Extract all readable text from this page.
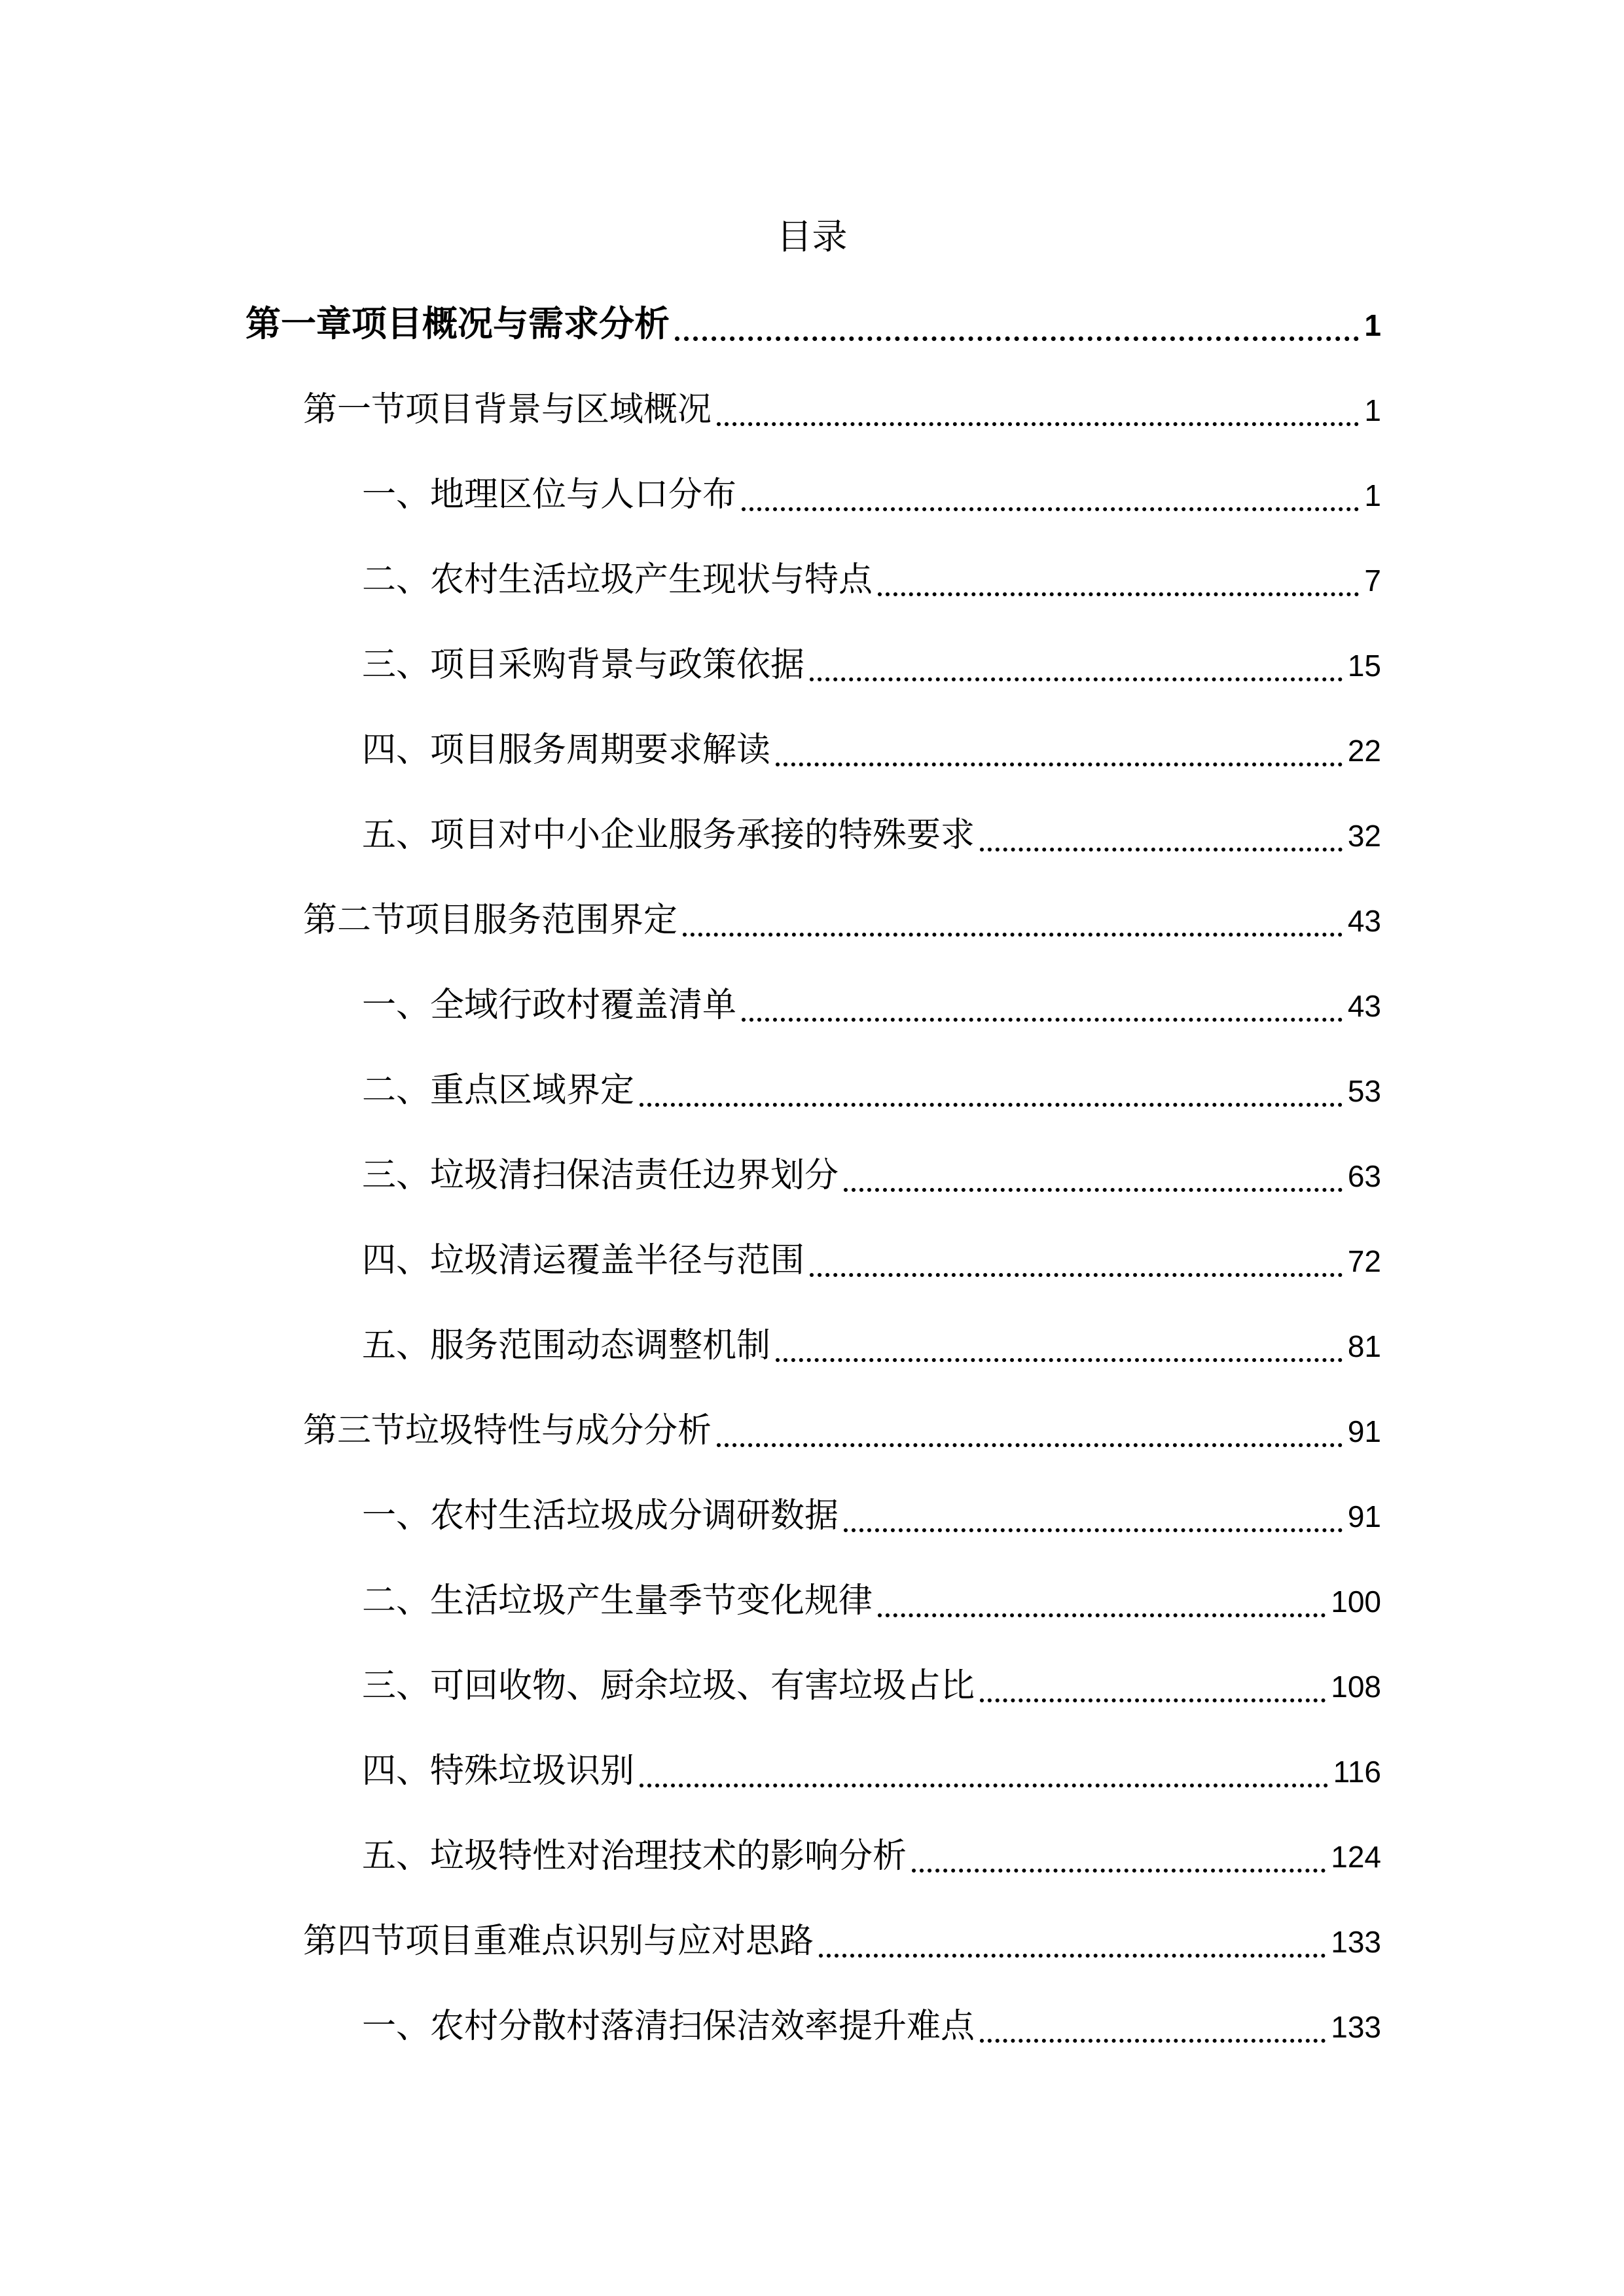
目录
第一章项目概况与需求分析	1
第一节项目背景与区域概况	1
一、地理区位与人口分布	1
二、农村生活垃圾产生现状与特点	7
三、项目采购背景与政策依据	15
四、项目服务周期要求解读	22
五、项目对中小企业服务承接的特殊要求	32
第二节项目服务范围界定	43
一、全域行政村覆盖清单	43
二、重点区域界定	53
三、垃圾清扫保洁责任边界划分	63
四、垃圾清运覆盖半径与范围	72
五、服务范围动态调整机制	81
第三节垃圾特性与成分分析	91
一、农村生活垃圾成分调研数据	91
二、生活垃圾产生量季节变化规律	100
三、可回收物、厨余垃圾、有害垃圾占比	108
四、特殊垃圾识别	116
五、垃圾特性对治理技术的影响分析	124
第四节项目重难点识别与应对思路	133
一、农村分散村落清扫保洁效率提升难点	133
